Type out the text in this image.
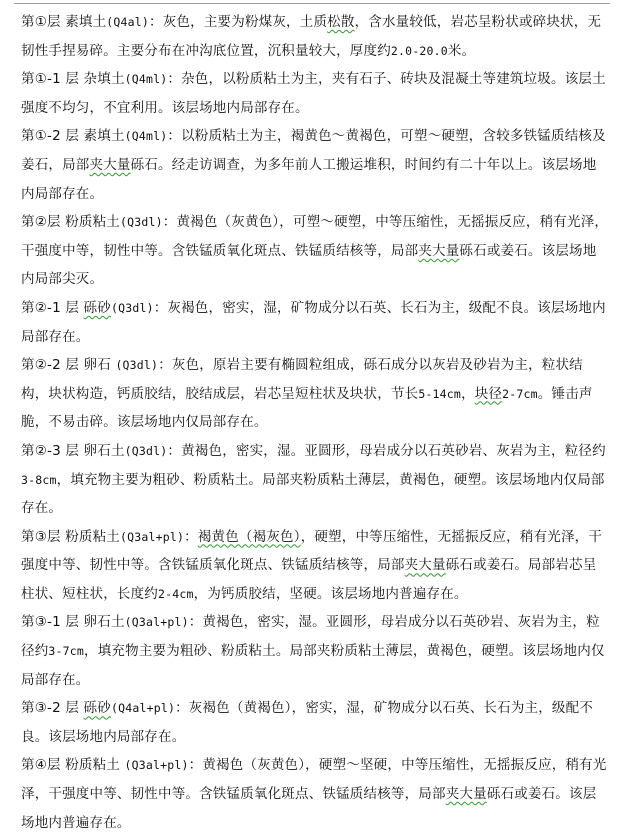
第①层 素填土(Q4al)：灰色，主要为粉煤灰，土质松散，含水量较低，岩芯呈粉状或碎块状，无韧性手捏易碎。主要分布在冲沟底位置，沉积量较大，厚度约2.0-20.0米。

第①-1 层 杂填土(Q4ml)：杂色，以粉质粘土为主，夹有石子、砖块及混凝土等建筑垃圾。该层土强度不均匀，不宜利用。该层场地内局部存在。

第①-2 层 素填土(Q4ml)：以粉质粘土为主，褐黄色～黄褐色，可塑～硬塑，含较多铁锰质结核及姜石，局部夹大量砾石。经走访调查，为多年前人工搬运堆积，时间约有二十年以上。该层场地内局部存在。

第②层 粉质粘土(Q3dl)：黄褐色（灰黄色），可塑～硬塑，中等压缩性，无摇振反应，稍有光泽，干强度中等，韧性中等。含铁锰质氧化斑点、铁锰质结核等，局部夹大量砾石或姜石。该层场地内局部尖灭。

第②-1 层 砾砂(Q3dl)：灰褐色，密实，湿，矿物成分以石英、长石为主，级配不良。该层场地内局部存在。

第②-2 层 卵石 (Q3dl)：灰色，原岩主要有椭圆粒组成，砾石成分以灰岩及砂岩为主，粒状结构，块状构造，钙质胶结，胶结成层，岩芯呈短柱状及块状，节长5-14cm，块径2-7cm。锤击声脆，不易击碎。该层场地内仅局部存在。

第②-3 层 卵石土(Q3dl)：黄褐色，密实，湿。亚圆形，母岩成分以石英砂岩、灰岩为主，粒径约3-8cm，填充物主要为粗砂、粉质粘土。局部夹粉质粘土薄层，黄褐色，硬塑。该层场地内仅局部存在。

第③层 粉质粘土(Q3al+pl)：褐黄色（褐灰色），硬塑，中等压缩性，无摇振反应，稍有光泽，干强度中等、韧性中等。含铁锰质氧化斑点、铁锰质结核等，局部夹大量砾石或姜石。局部岩芯呈柱状、短柱状，长度约2-4cm，为钙质胶结，坚硬。该层场地内普遍存在。

第③-1 层 卵石土(Q3al+pl)：黄褐色，密实，湿。亚圆形，母岩成分以石英砂岩、灰岩为主，粒径约3-7cm，填充物主要为粗砂、粉质粘土。局部夹粉质粘土薄层，黄褐色，硬塑。该层场地内仅局部存在。

第③-2 层 砾砂(Q4al+pl)：灰褐色（黄褐色），密实，湿，矿物成分以石英、长石为主，级配不良。该层场地内局部存在。

第④层 粉质粘土 (Q3al+pl)：黄褐色（灰黄色），硬塑～坚硬，中等压缩性，无摇振反应，稍有光泽，干强度中等、韧性中等。含铁锰质氧化斑点、铁锰质结核等，局部夹大量砾石或姜石。该层场地内普遍存在。
